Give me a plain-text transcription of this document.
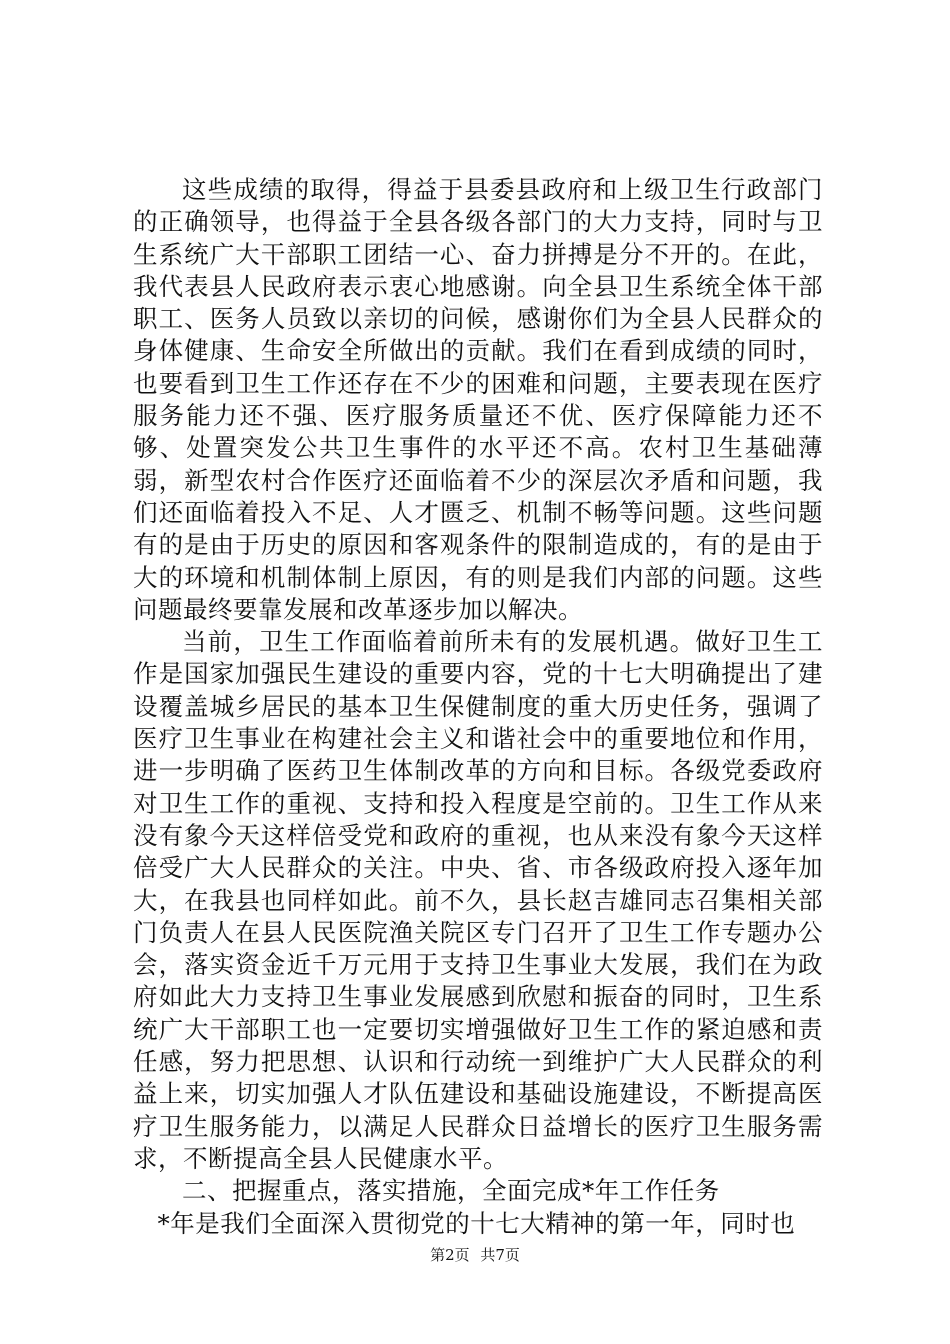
这些成绩的取得，得益于县委县政府和上级卫生行政部门的正确领导，也得益于全县各级各部门的大力支持，同时与卫生系统广大干部职工团结一心、奋力拼搏是分不开的。在此，我代表县人民政府表示衷心地感谢。向全县卫生系统全体干部职工、医务人员致以亲切的问候，感谢你们为全县人民群众的身体健康、生命安全所做出的贡献。我们在看到成绩的同时，也要看到卫生工作还存在不少的困难和问题，主要表现在医疗服务能力还不强、医疗服务质量还不优、医疗保障能力还不够、处置突发公共卫生事件的水平还不高。农村卫生基础薄弱，新型农村合作医疗还面临着不少的深层次矛盾和问题，我们还面临着投入不足、人才匮乏、机制不畅等问题。这些问题有的是由于历史的原因和客观条件的限制造成的，有的是由于大的环境和机制体制上原因，有的则是我们内部的问题。这些问题最终要靠发展和改革逐步加以解决。

当前，卫生工作面临着前所未有的发展机遇。做好卫生工作是国家加强民生建设的重要内容，党的十七大明确提出了建设覆盖城乡居民的基本卫生保健制度的重大历史任务，强调了医疗卫生事业在构建社会主义和谐社会中的重要地位和作用，进一步明确了医药卫生体制改革的方向和目标。各级党委政府对卫生工作的重视、支持和投入程度是空前的。卫生工作从来没有象今天这样倍受党和政府的重视，也从来没有象今天这样倍受广大人民群众的关注。中央、省、市各级政府投入逐年加大，在我县也同样如此。前不久，县长赵吉雄同志召集相关部门负责人在县人民医院渔关院区专门召开了卫生工作专题办公会，落实资金近千万元用于支持卫生事业大发展，我们在为政府如此大力支持卫生事业发展感到欣慰和振奋的同时，卫生系统广大干部职工也一定要切实增强做好卫生工作的紧迫感和责任感，努力把思想、认识和行动统一到维护广大人民群众的利益上来，切实加强人才队伍建设和基础设施建设，不断提高医疗卫生服务能力，以满足人民群众日益增长的医疗卫生服务需求，不断提高全县人民健康水平。

二、把握重点，落实措施，全面完成*年工作任务

*年是我们全面深入贯彻党的十七大精神的第一年，同时也

第2页 共7页
